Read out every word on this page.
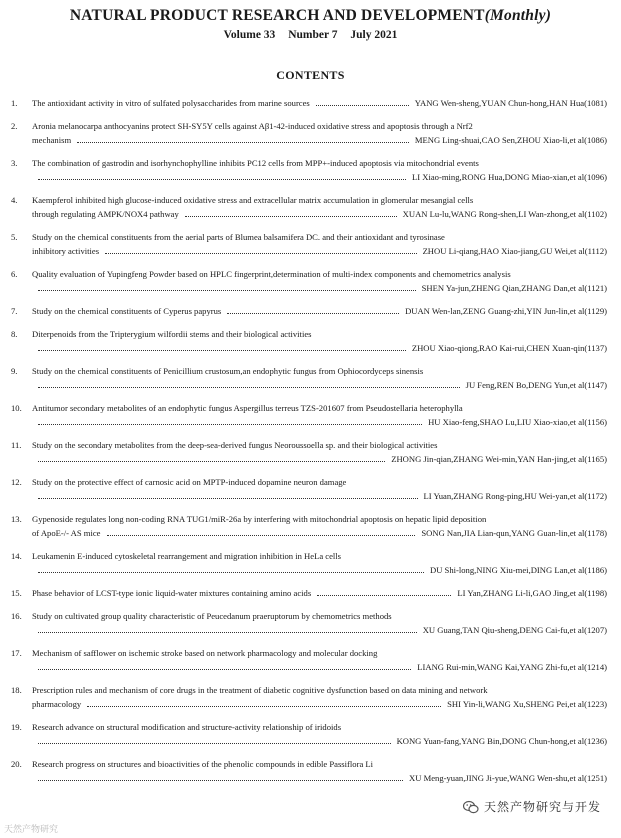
NATURAL PRODUCT RESEARCH AND DEVELOPMENT(Monthly)
Volume 33 Number 7 July 2021
CONTENTS
1. The antioxidant activity in vitro of sulfated polysaccharides from marine sources	YANG Wen-sheng,YUAN Chun-hong,HAN Hua(1081)
2. Aronia melanocarpa anthocyanins protect SH-SY5Y cells against Aβ1-42-induced oxidative stress and apoptosis through a Nrf2
mechanism	MENG Ling-shuai,CAO Sen,ZHOU Xiao-li,et al(1086)
3. The combination of gastrodin and isorhynchophylline inhibits PC12 cells from MPP+-induced apoptosis via mitochondrial events
LI Xiao-ming,RONG Hua,DONG Miao-xian,et al(1096)
4. Kaempferol inhibited high glucose-induced oxidative stress and extracellular matrix accumulation in glomerular mesangial cells
through regulating AMPK/NOX4 pathway	XUAN Lu-lu,WANG Rong-shen,LI Wan-zhong,et al(1102)
5. Study on the chemical constituents from the aerial parts of Blumea balsamifera DC. and their antioxidant and tyrosinase
inhibitory activities	ZHOU Li-qiang,HAO Xiao-jiang,GU Wei,et al(1112)
6. Quality evaluation of Yupingfeng Powder based on HPLC fingerprint,determination of multi-index components and chemometrics analysis
SHEN Ya-jun,ZHENG Qian,ZHANG Dan,et al(1121)
7. Study on the chemical constituents of Cyperus papyrus	DUAN Wen-lan,ZENG Guang-zhi,YIN Jun-lin,et al(1129)
8. Diterpenoids from the Tripterygium wilfordii stems and their biological activities
ZHOU Xiao-qiong,RAO Kai-rui,CHEN Xuan-qin(1137)
9. Study on the chemical constituents of Penicillium crustosum,an endophytic fungus from Ophiocordyceps sinensis
JU Feng,REN Bo,DENG Yun,et al(1147)
10. Antitumor secondary metabolites of an endophytic fungus Aspergillus terreus TZS-201607 from Pseudostellaria heterophylla
HU Xiao-feng,SHAO Lu,LIU Xiao-xiao,et al(1156)
11. Study on the secondary metabolites from the deep-sea-derived fungus Neoroussoella sp. and their biological activities
ZHONG Jin-qian,ZHANG Wei-min,YAN Han-jing,et al(1165)
12. Study on the protective effect of carnosic acid on MPTP-induced dopamine neuron damage
LI Yuan,ZHANG Rong-ping,HU Wei-yan,et al(1172)
13. Gypenoside regulates long non-coding RNA TUG1/miR-26a by interfering with mitochondrial apoptosis on hepatic lipid deposition
of ApoE-/- AS mice	SONG Nan,JIA Lian-qun,YANG Guan-lin,et al(1178)
14. Leukamenin E-induced cytoskeletal rearrangement and migration inhibition in HeLa cells
DU Shi-long,NING Xiu-mei,DING Lan,et al(1186)
15. Phase behavior of LCST-type ionic liquid-water mixtures containing amino acids	LI Yan,ZHANG Li-li,GAO Jing,et al(1198)
16. Study on cultivated group quality characteristic of Peucedanum praeruptorum by chemometrics methods
XU Guang,TAN Qiu-sheng,DENG Cai-fu,et al(1207)
17. Mechanism of safflower on ischemic stroke based on network pharmacology and molecular docking
LIANG Rui-min,WANG Kai,YANG Zhi-fu,et al(1214)
18. Prescription rules and mechanism of core drugs in the treatment of diabetic cognitive dysfunction based on data mining and network
pharmacology	SHI Yin-li,WANG Xu,SHENG Pei,et al(1223)
19. Research advance on structural modification and structure-activity relationship of iridoids
KONG Yuan-fang,YANG Bin,DONG Chun-hong,et al(1236)
20. Research progress on structures and bioactivities of the phenolic compounds in edible Passiflora Li
XU Meng-yuan,JING Ji-yue,WANG Wen-shu,et al(1251)
天然产物研究
天然产物研究与开发
